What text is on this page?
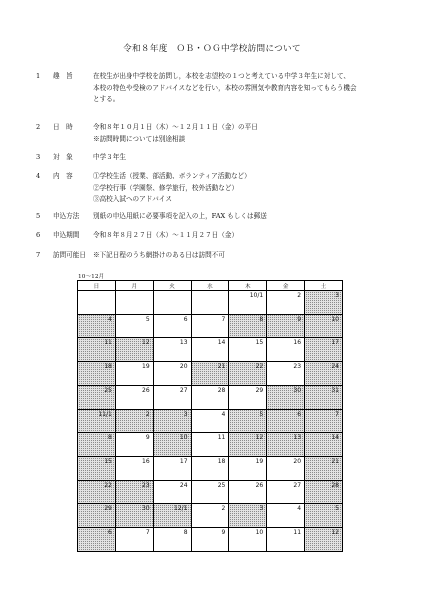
令和８年度　ＯＢ・ＯＧ中学校訪問について
1 趣　旨	在校生が出身中学校を訪問し，本校を志望校の１つと考えている中学３年生に対して、
本校の特色や受検のアドバイスなどを行い，本校の雰囲気や教育内容を知ってもらう機会
とする。
2 日　時	令和８年１０月１日（木）～１２月１１日（金）の平日
※訪問時間については別途相談
3 対　象	中学３年生
4 内　容	①学校生活（授業、部活動、ボランティア活動など）
②学校行事（学園祭、修学旅行，校外活動など）
③高校入試へのアドバイス
5 申込方法	別紙の申込用紙に必要事項を記入の上，FAX もしくは郵送
6 申込期間	令和８年８月２７日（木）～１１月２７日（金）
7 訪問可能日	※下記日程のうち網掛けのある日は訪問不可
10～12月
日	月	火	水	木	金	土
				10/1	2	3
4	5	6	7	8	9	10
11	12	13	14	15	16	17
18	19	20	21	22	23	24
25	26	27	28	29	30	31
11/1	2	3	4	5	6	7
8	9	10	11	12	13	14
15	16	17	18	19	20	21
22	23	24	25	26	27	28
29	30	12/1	2	3	4	5
6	7	8	9	10	11	12
